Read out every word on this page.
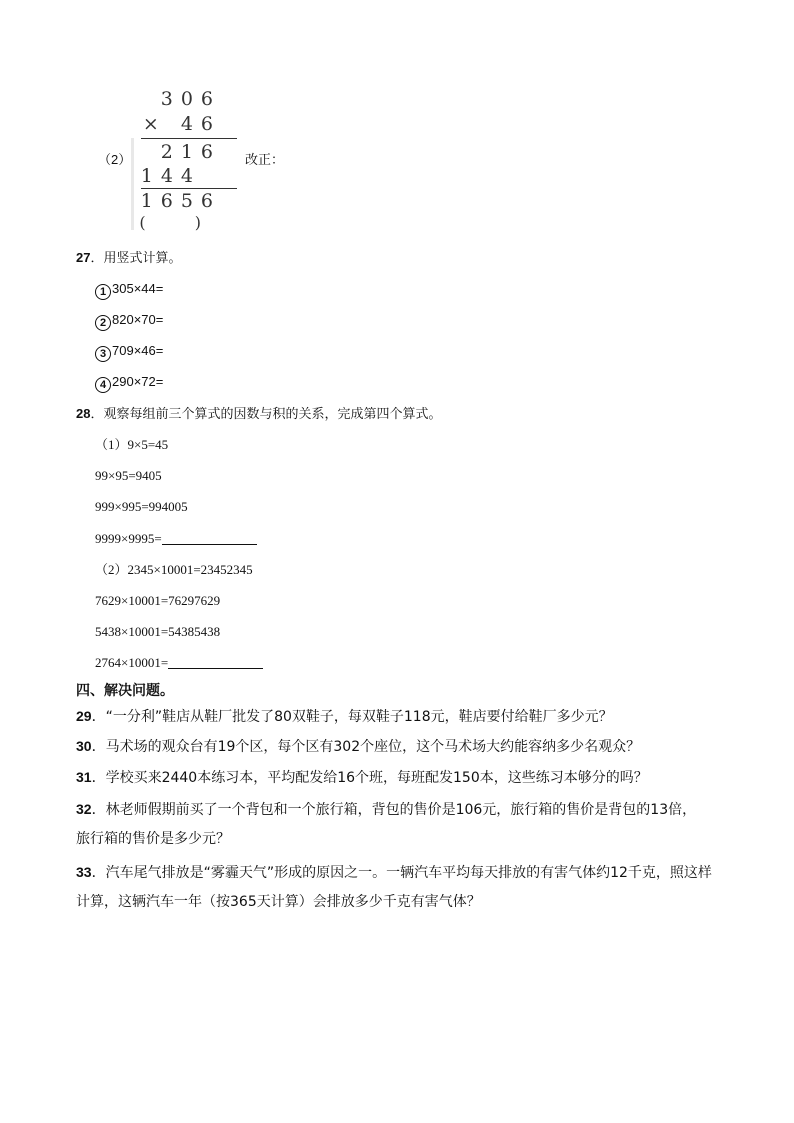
（2）
306
× 46
216
144
1656
( )
改正：
27．用竖式计算。
1 305×44=
2 820×70=
3 709×46=
4 290×72=
28．观察每组前三个算式的因数与积的关系，完成第四个算式。
（1）9×5=45
99×95=9405
999×995=994005
9999×9995=
（2）2345×10001=23452345
7629×10001=76297629
5438×10001=54385438
2764×10001=
四、解决问题。
29．“一分利”鞋店从鞋厂批发了80双鞋子，每双鞋子118元，鞋店要付给鞋厂多少元？
30．马术场的观众台有19个区，每个区有302个座位，这个马术场大约能容纳多少名观众？
31．学校买来2440本练习本，平均配发给16个班，每班配发150本，这些练习本够分的吗？
32．林老师假期前买了一个背包和一个旅行箱，背包的售价是106元，旅行箱的售价是背包的13倍，
旅行箱的售价是多少元？
33．汽车尾气排放是“雾霾天气”形成的原因之一。一辆汽车平均每天排放的有害气体约12千克，照这样
计算，这辆汽车一年（按365天计算）会排放多少千克有害气体？
